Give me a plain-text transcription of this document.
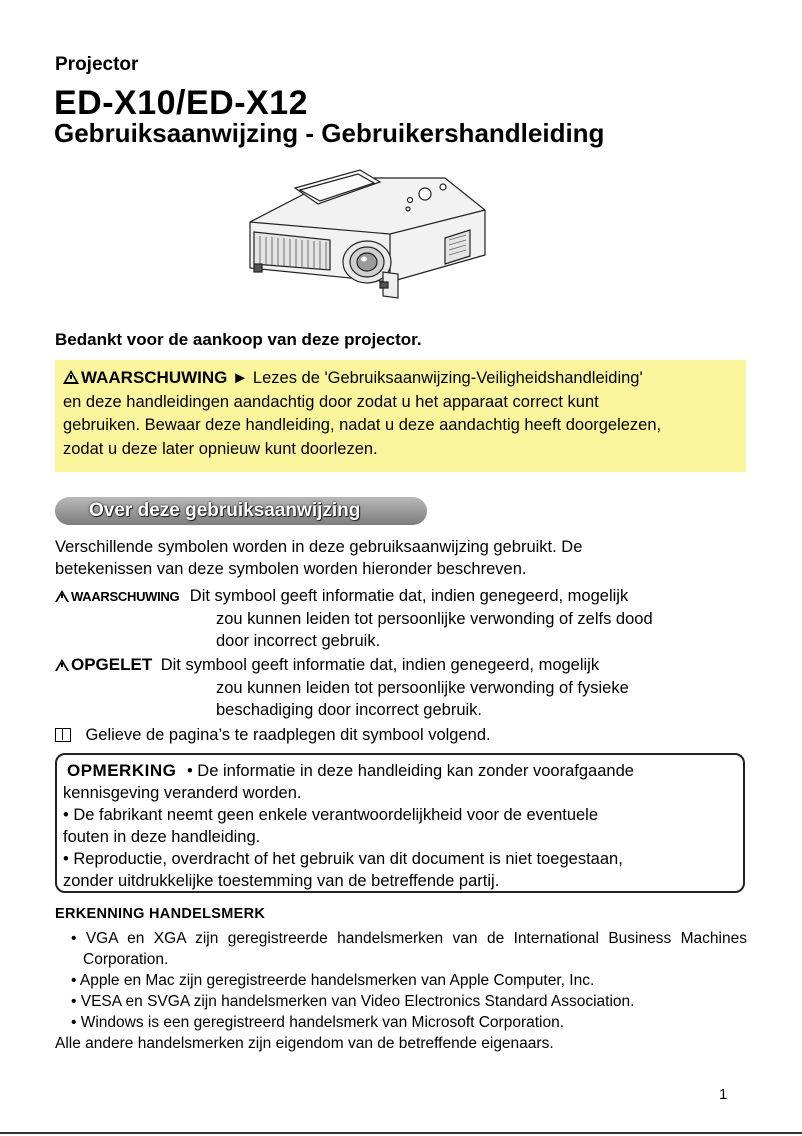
Projector
ED-X10/ED-X12
Gebruiksaanwijzing - Gebruikershandleiding
Bedankt voor de aankoop van deze projector.
WAARSCHUWING ► Lezes de 'Gebruiksaanwijzing-Veiligheidshandleiding'
en deze handleidingen aandachtig door zodat u het apparaat correct kunt
gebruiken. Bewaar deze handleiding, nadat u deze aandachtig heeft doorgelezen,
zodat u deze later opnieuw kunt doorlezen.
Over deze gebruiksaanwijzing
Verschillende symbolen worden in deze gebruiksaanwijzing gebruikt. De
betekenissen van deze symbolen worden hieronder beschreven.
WAARSCHUWING Dit symbool geeft informatie dat, indien genegeerd, mogelijk
zou kunnen leiden tot persoonlijke verwonding of zelfs dood
door incorrect gebruik.
OPGELET Dit symbool geeft informatie dat, indien genegeerd, mogelijk
zou kunnen leiden tot persoonlijke verwonding of fysieke
beschadiging door incorrect gebruik.
Gelieve de pagina’s te raadplegen dit symbool volgend.
OPMERKING • De informatie in deze handleiding kan zonder voorafgaande
kennisgeving veranderd worden.
• De fabrikant neemt geen enkele verantwoordelijkheid voor de eventuele
fouten in deze handleiding.
• Reproductie, overdracht of het gebruik van dit document is niet toegestaan,
zonder uitdrukkelijke toestemming van de betreffende partij.
ERKENNING HANDELSMERK
• VGA en XGA zijn geregistreerde handelsmerken van de International Business Machines Corporation.
• Apple en Mac zijn geregistreerde handelsmerken van Apple Computer, Inc.
• VESA en SVGA zijn handelsmerken van Video Electronics Standard Association.
• Windows is een geregistreerd handelsmerk van Microsoft Corporation.
Alle andere handelsmerken zijn eigendom van de betreffende eigenaars.
1
